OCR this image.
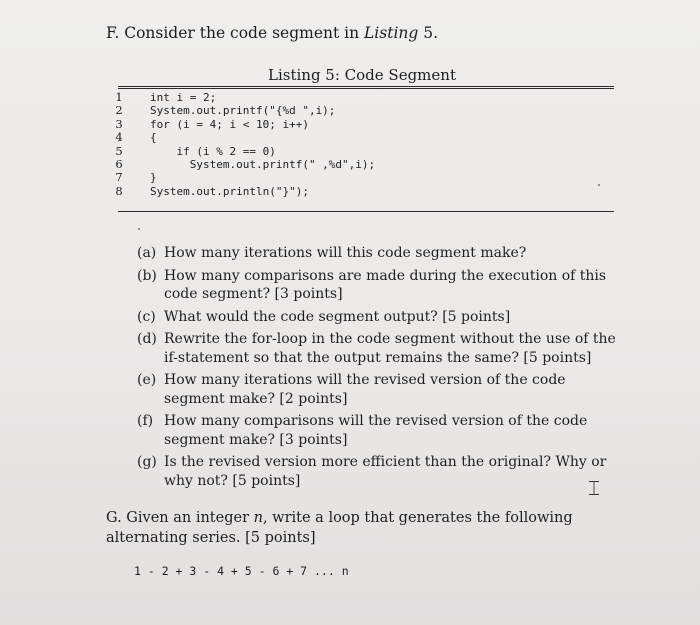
F. Consider the code segment in Listing 5.
Listing 5: Code Segment
1 int i = 2;
2 System.out.printf("{%d ",i);
3 for (i = 4; i < 10; i++)
4 {
5 if (i % 2 == 0)
6 System.out.printf(" ,%d",i);
7 }
8 System.out.println("}");
(a) How many iterations will this code segment make?
(b) How many comparisons are made during the execution of this code segment? [3 points]
(c) What would the code segment output? [5 points]
(d) Rewrite the for-loop in the code segment without the use of the if-statement so that the output remains the same? [5 points]
(e) How many iterations will the revised version of the code segment make? [2 points]
(f) How many comparisons will the revised version of the code segment make? [3 points]
(g) Is the revised version more efficient than the original? Why or why not? [5 points]	⌶
G. Given an integer n, write a loop that generates the following alternating series. [5 points]
1 - 2 + 3 - 4 + 5 - 6 + 7 ... n
